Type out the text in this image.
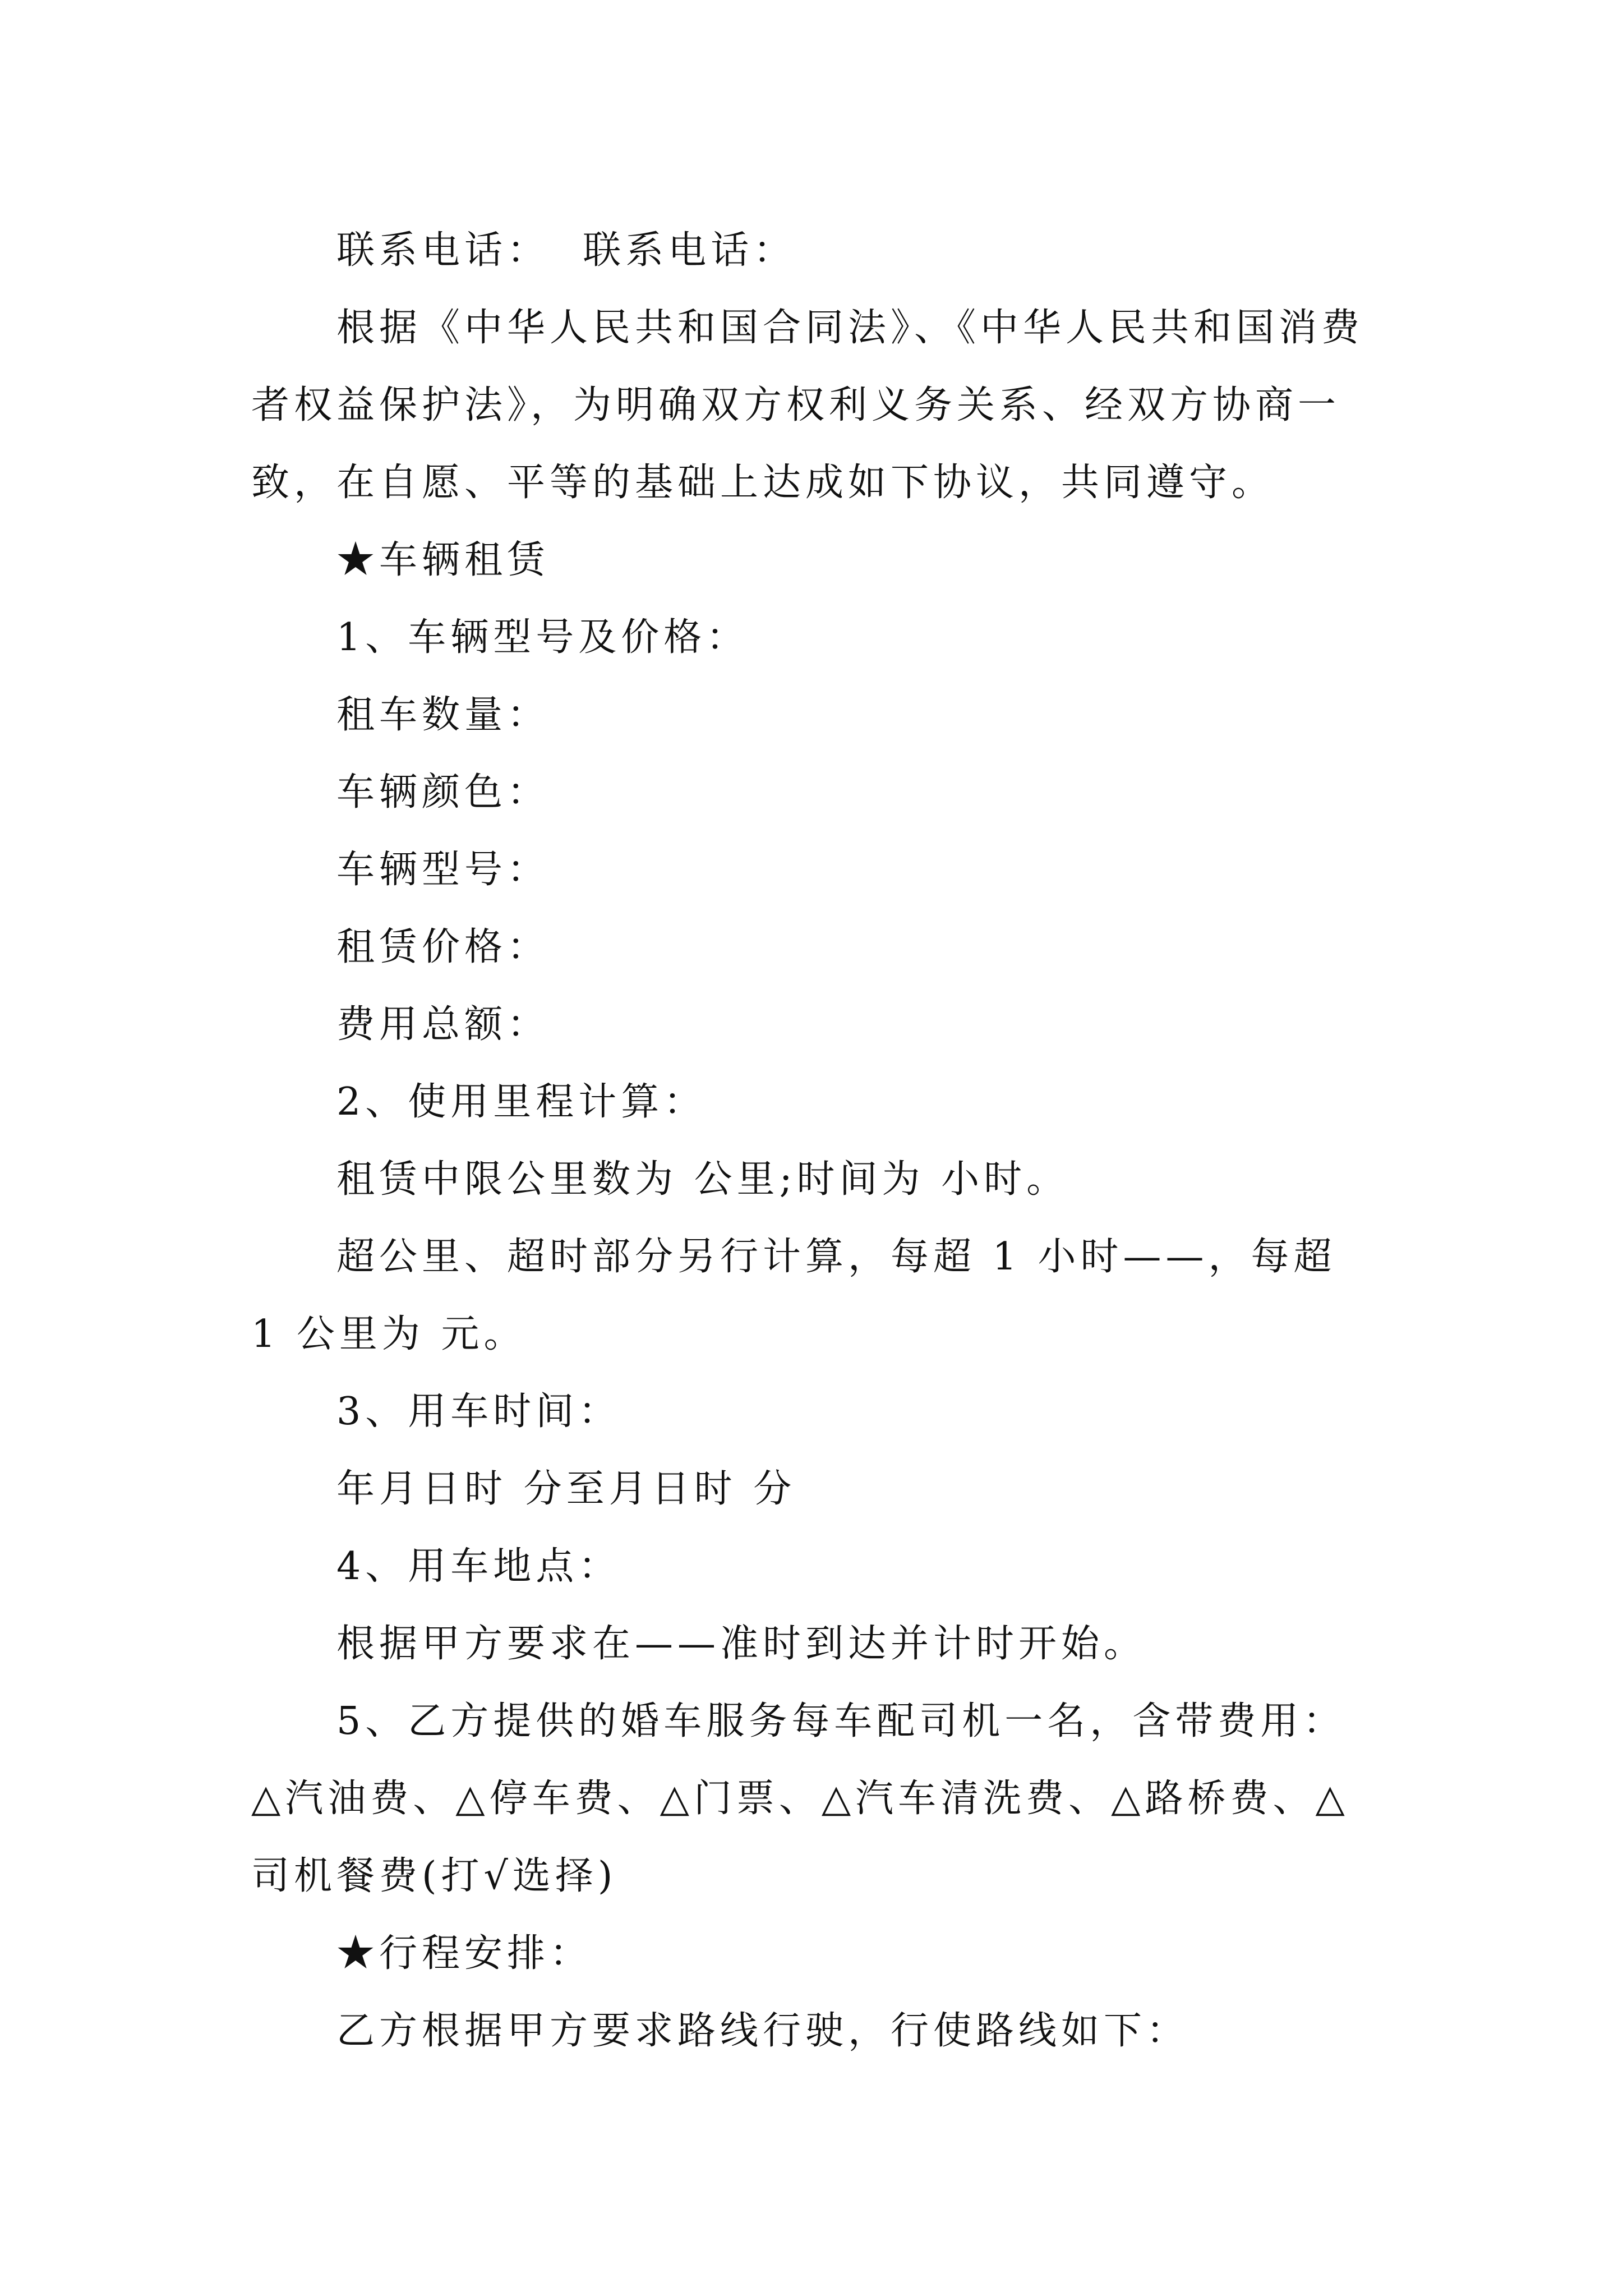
联系电话：  联系电话：

根据《中华人民共和国合同法》、《中华人民共和国消费者权益保护法》，为明确双方权利义务关系、经双方协商一致，在自愿、平等的基础上达成如下协议，共同遵守。

★车辆租赁

1、车辆型号及价格：

租车数量：

车辆颜色：

车辆型号：

租赁价格：

费用总额：

2、使用里程计算：

租赁中限公里数为 公里;时间为 小时。

超公里、超时部分另行计算，每超 1 小时——，每超 1 公里为 元。

3、用车时间：

年月日时 分至月日时 分

4、用车地点：

根据甲方要求在——准时到达并计时开始。

5、乙方提供的婚车服务每车配司机一名，含带费用：△汽油费、△停车费、△门票、△汽车清洗费、△路桥费、△司机餐费(打√选择)

★行程安排：

乙方根据甲方要求路线行驶，行使路线如下：
